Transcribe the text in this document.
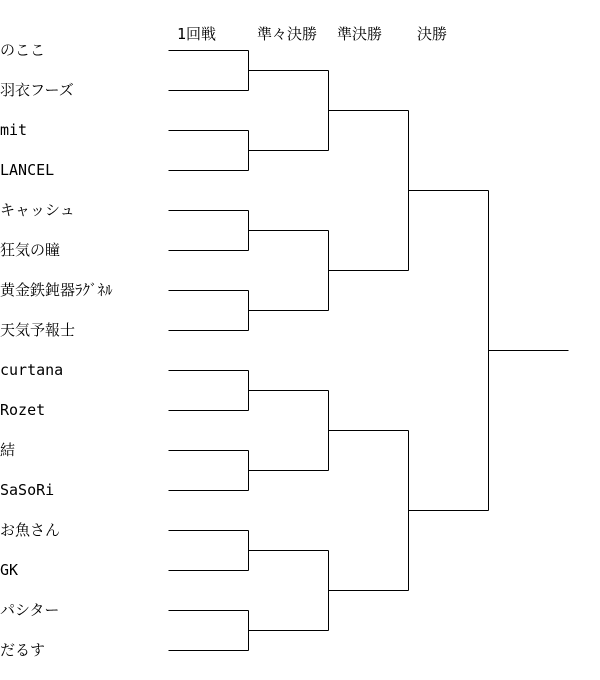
1回戦	準々決勝 準決勝 決勝
のここ
羽衣フーズ
mit
LANCEL
キャッシュ
狂気の瞳
黄金鉄鈍器ﾗｸﾞﾈﾙ
天気予報士
curtana
Rozet
結
SaSoRi
お魚さん
GK
パシター
だるす
